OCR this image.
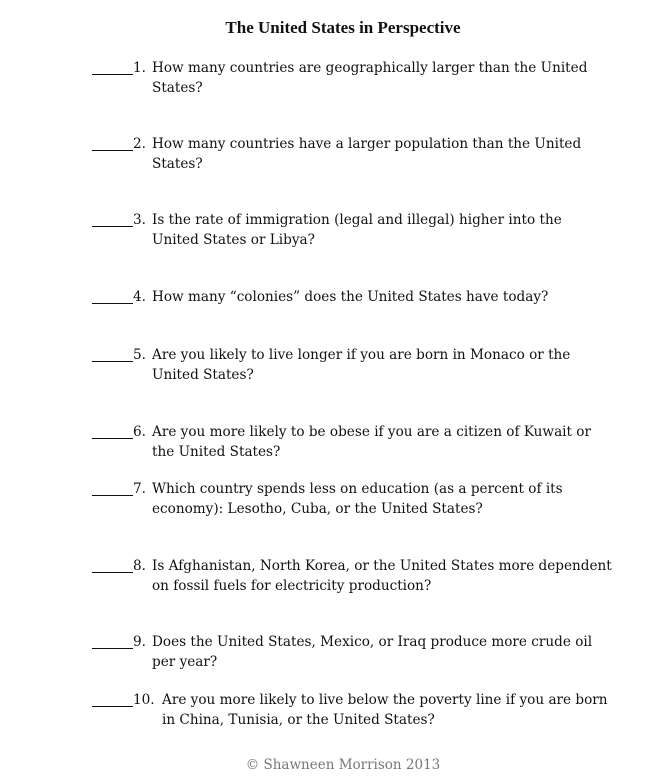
The United States in Perspective
1. How many countries are geographically larger than the United States?
2. How many countries have a larger population than the United States?
3. Is the rate of immigration (legal and illegal) higher into the United States or Libya?
4. How many “colonies” does the United States have today?
5. Are you likely to live longer if you are born in Monaco or the United States?
6. Are you more likely to be obese if you are a citizen of Kuwait or the United States?
7. Which country spends less on education (as a percent of its economy): Lesotho, Cuba, or the United States?
8. Is Afghanistan, North Korea, or the United States more dependent on fossil fuels for electricity production?
9. Does the United States, Mexico, or Iraq produce more crude oil per year?
10. Are you more likely to live below the poverty line if you are born in China, Tunisia, or the United States?
© Shawneen Morrison 2013
